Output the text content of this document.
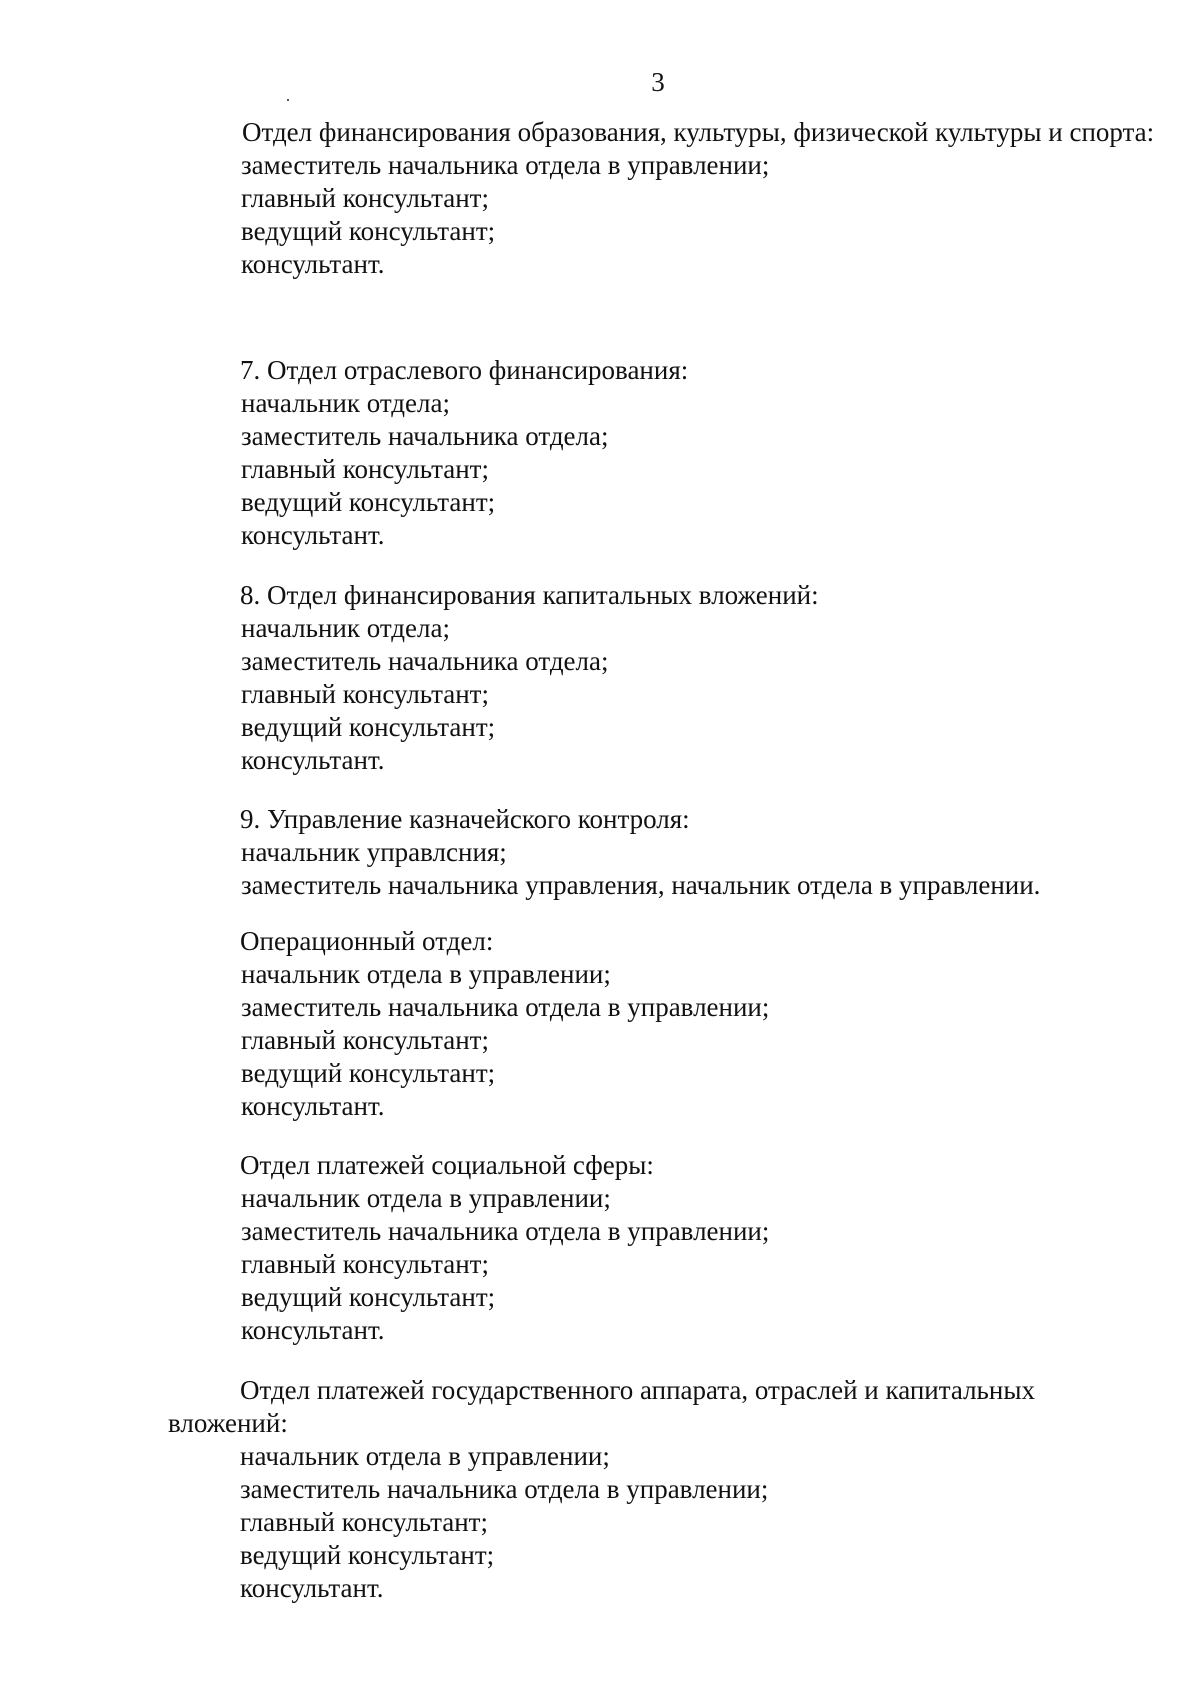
3

Отдел финансирования образования, культуры, физической культуры и спорта:

заместитель начальника отдела в управлении;
главный консультант;
ведущий консультант;
консультант.

7. Отдел отраслевого финансирования:

начальник отдела;
заместитель начальника отдела;
главный консультант;
ведущий консультант;
консультант.

8. Отдел финансирования капитальных вложений:

начальник отдела;
заместитель начальника отдела;
главный консультант;
ведущий консультант;
консультант.

9. Управление казначейского контроля:

начальник управлсния;
заместитель начальника управления, начальник отдела в управлении.

Операционный отдел:

начальник отдела в управлении;
заместитель начальника отдела в управлении;
главный консультант;
ведущий консультант;
консультант.

Отдел платежей социальной сферы:

начальник отдела в управлении;
заместитель начальника отдела в управлении;
главный консультант;
ведущий консультант;
консультант.

Отдел платежей государственного аппарата, отраслей и капитальных вложений:

начальник отдела в управлении;
заместитель начальника отдела в управлении;
главный консультант;
ведущий консультант;
консультант.
